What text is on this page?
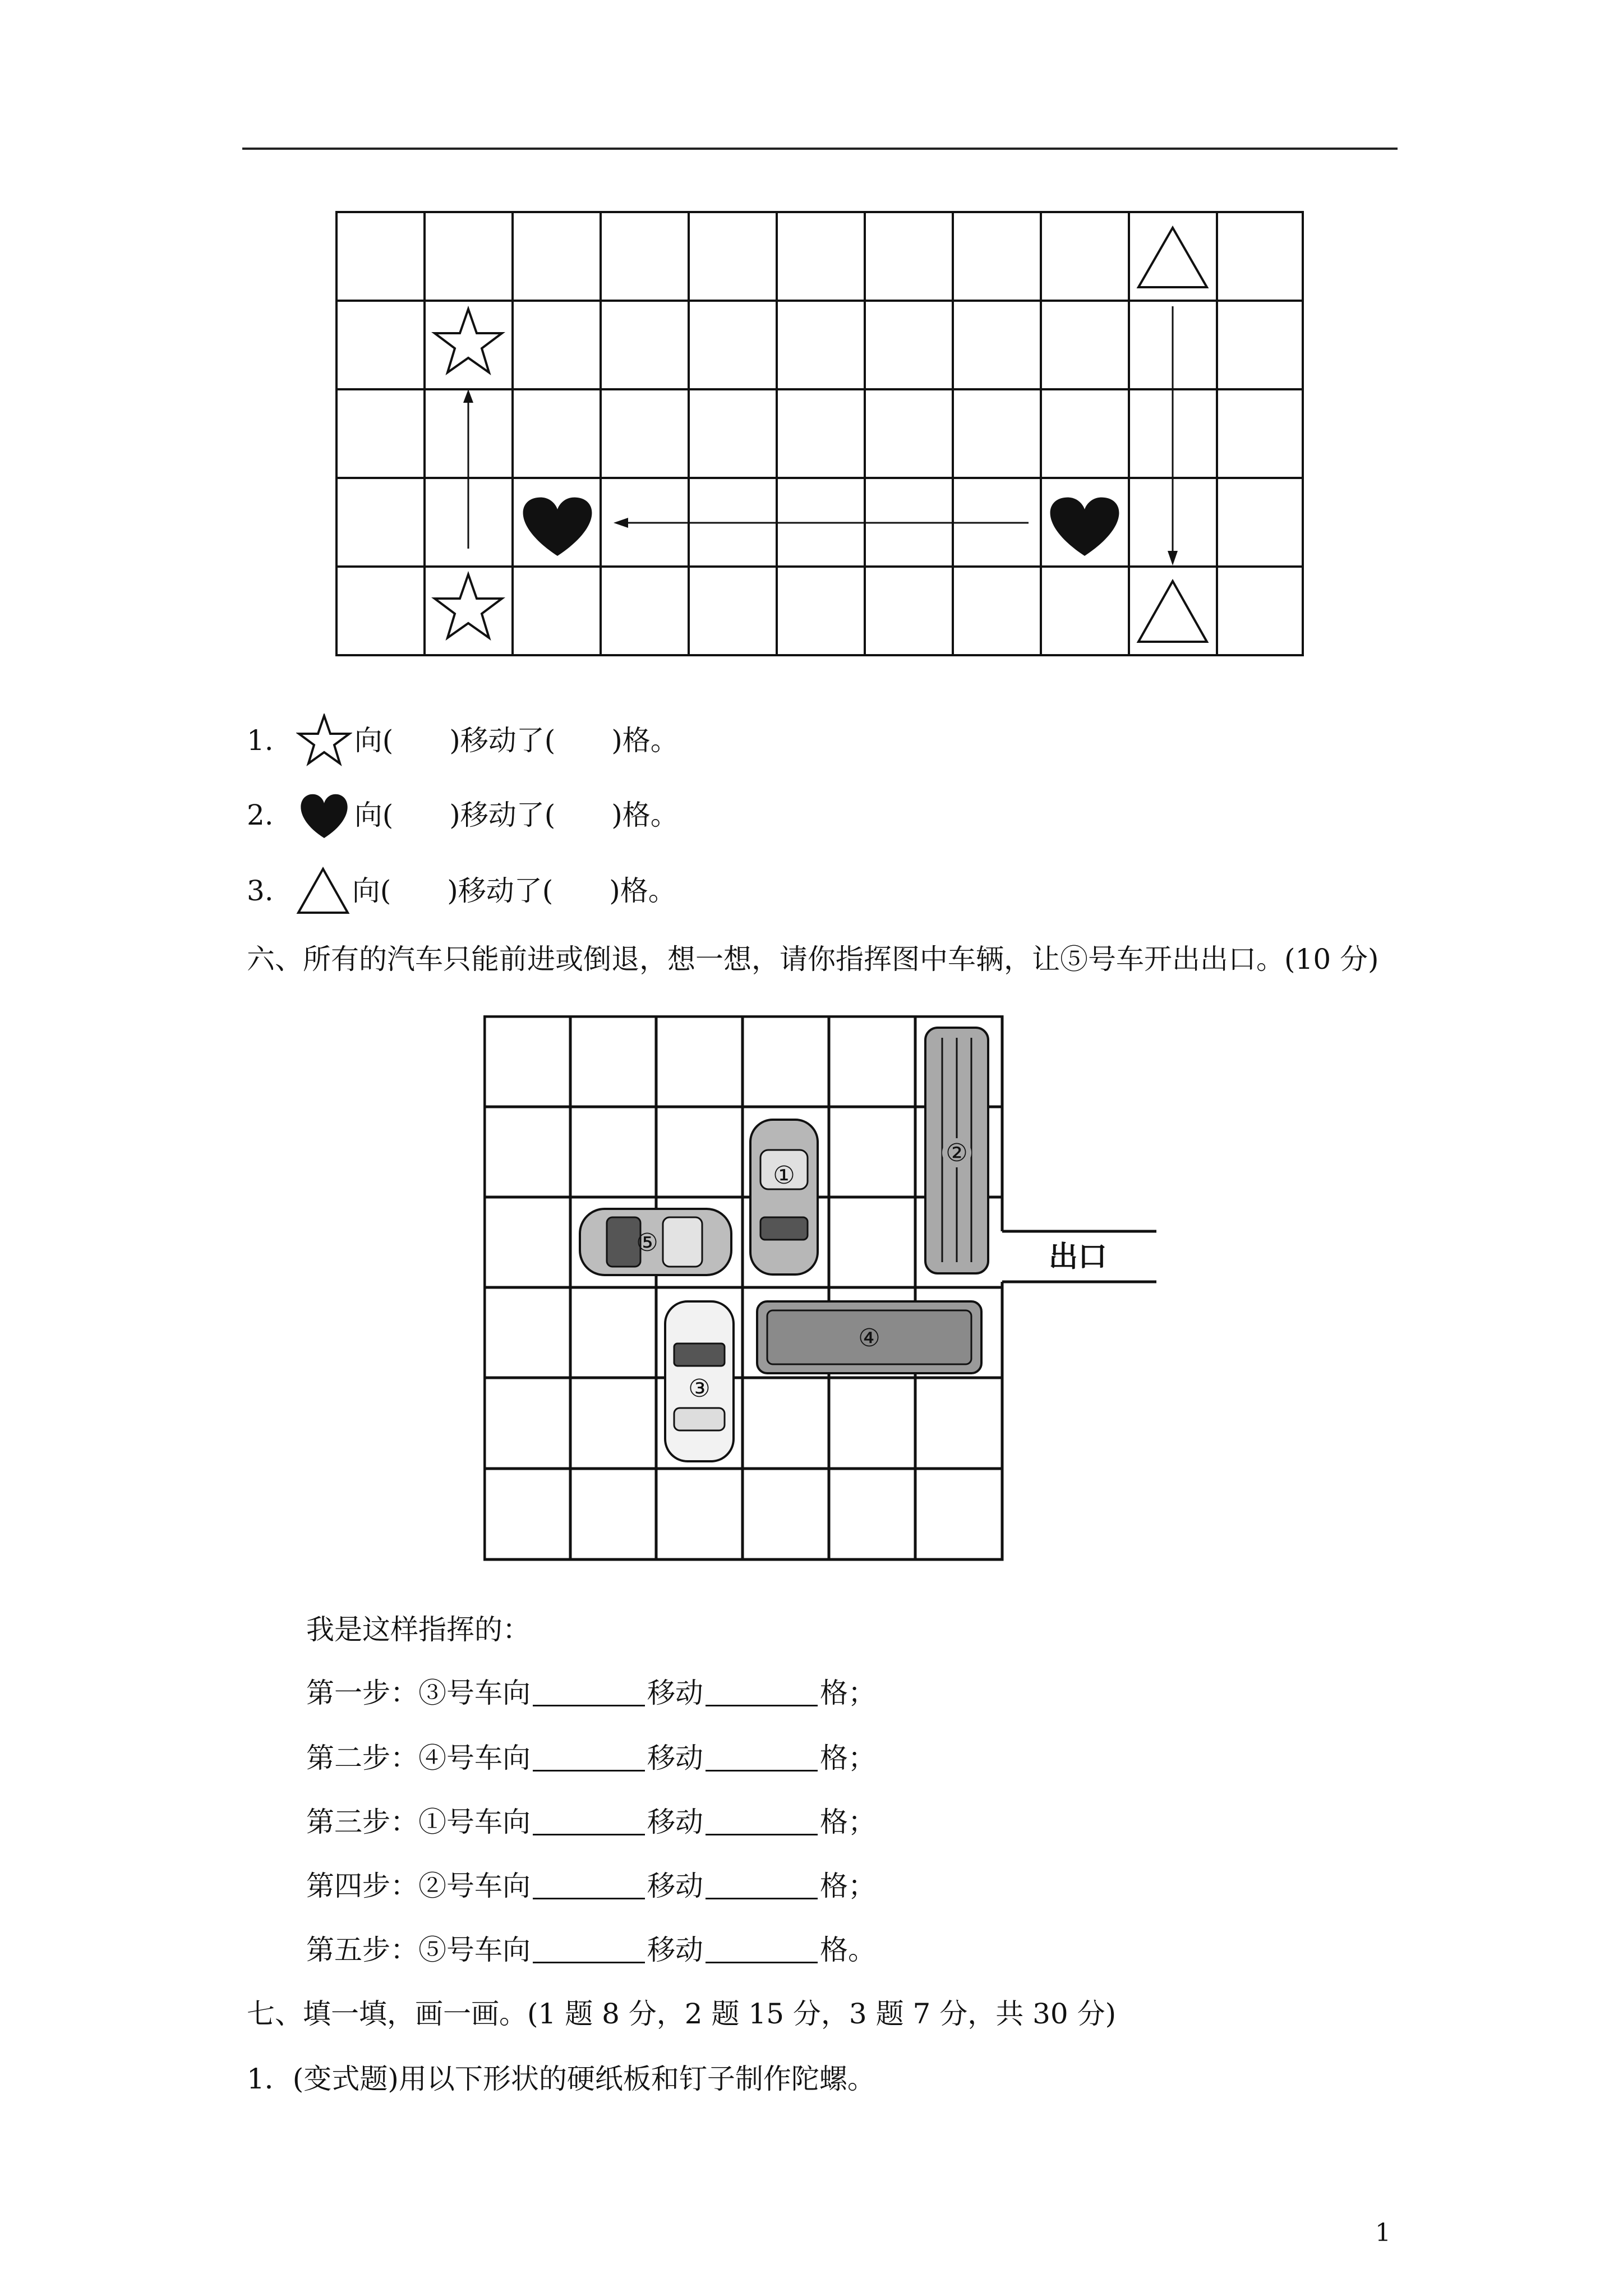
1.	向(　　)移动了(　　)格。
2.	向(　　)移动了(　　)格。
3.	向(　　)移动了(　　)格。
六、所有的汽车只能前进或倒退，想一想，请你指挥图中车辆，让⑤号车开出出口。(10 分)
①
②
③
④
⑤	出口
我是这样指挥的：
第一步：③号车向	移动	格；
第二步：④号车向	移动	格；
第三步：①号车向	移动	格；
第四步：②号车向	移动	格；
第五步：⑤号车向	移动	格。
七、填一填，画一画。(1 题 8 分，2 题 15 分，3 题 7 分，共 30 分)
1．(变式题)用以下形状的硬纸板和钉子制作陀螺。
1
